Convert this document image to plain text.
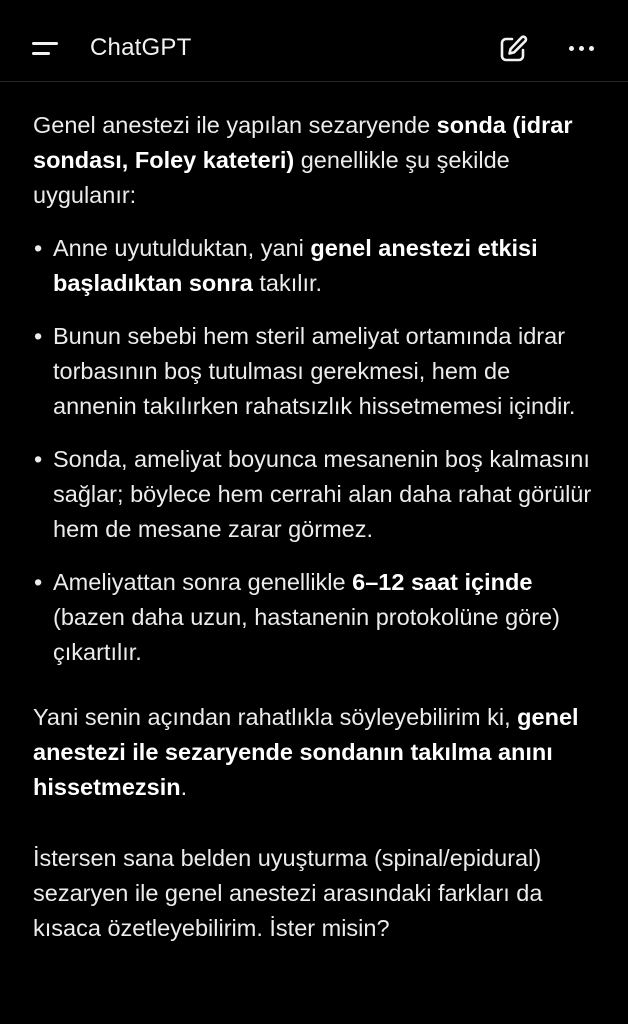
ChatGPT

Genel anestezi ile yapılan sezaryende sonda (idrar sondası, Foley kateteri) genellikle şu şekilde uygulanır:

• Anne uyutulduktan, yani genel anestezi etkisi başladıktan sonra takılır.
• Bunun sebebi hem steril ameliyat ortamında idrar torbasının boş tutulması gerekmesi, hem de annenin takılırken rahatsızlık hissetmemesi içindir.
• Sonda, ameliyat boyunca mesanenin boş kalmasını sağlar; böylece hem cerrahi alan daha rahat görülür hem de mesane zarar görmez.
• Ameliyattan sonra genellikle 6–12 saat içinde (bazen daha uzun, hastanenin protokolüne göre) çıkartılır.

Yani senin açından rahatlıkla söyleyebilirim ki, genel anestezi ile sezaryende sondanın takılma anını hissetmezsin.

İstersen sana belden uyuşturma (spinal/epidural) sezaryen ile genel anestezi arasındaki farkları da kısaca özetleyebilirim. İster misin?
